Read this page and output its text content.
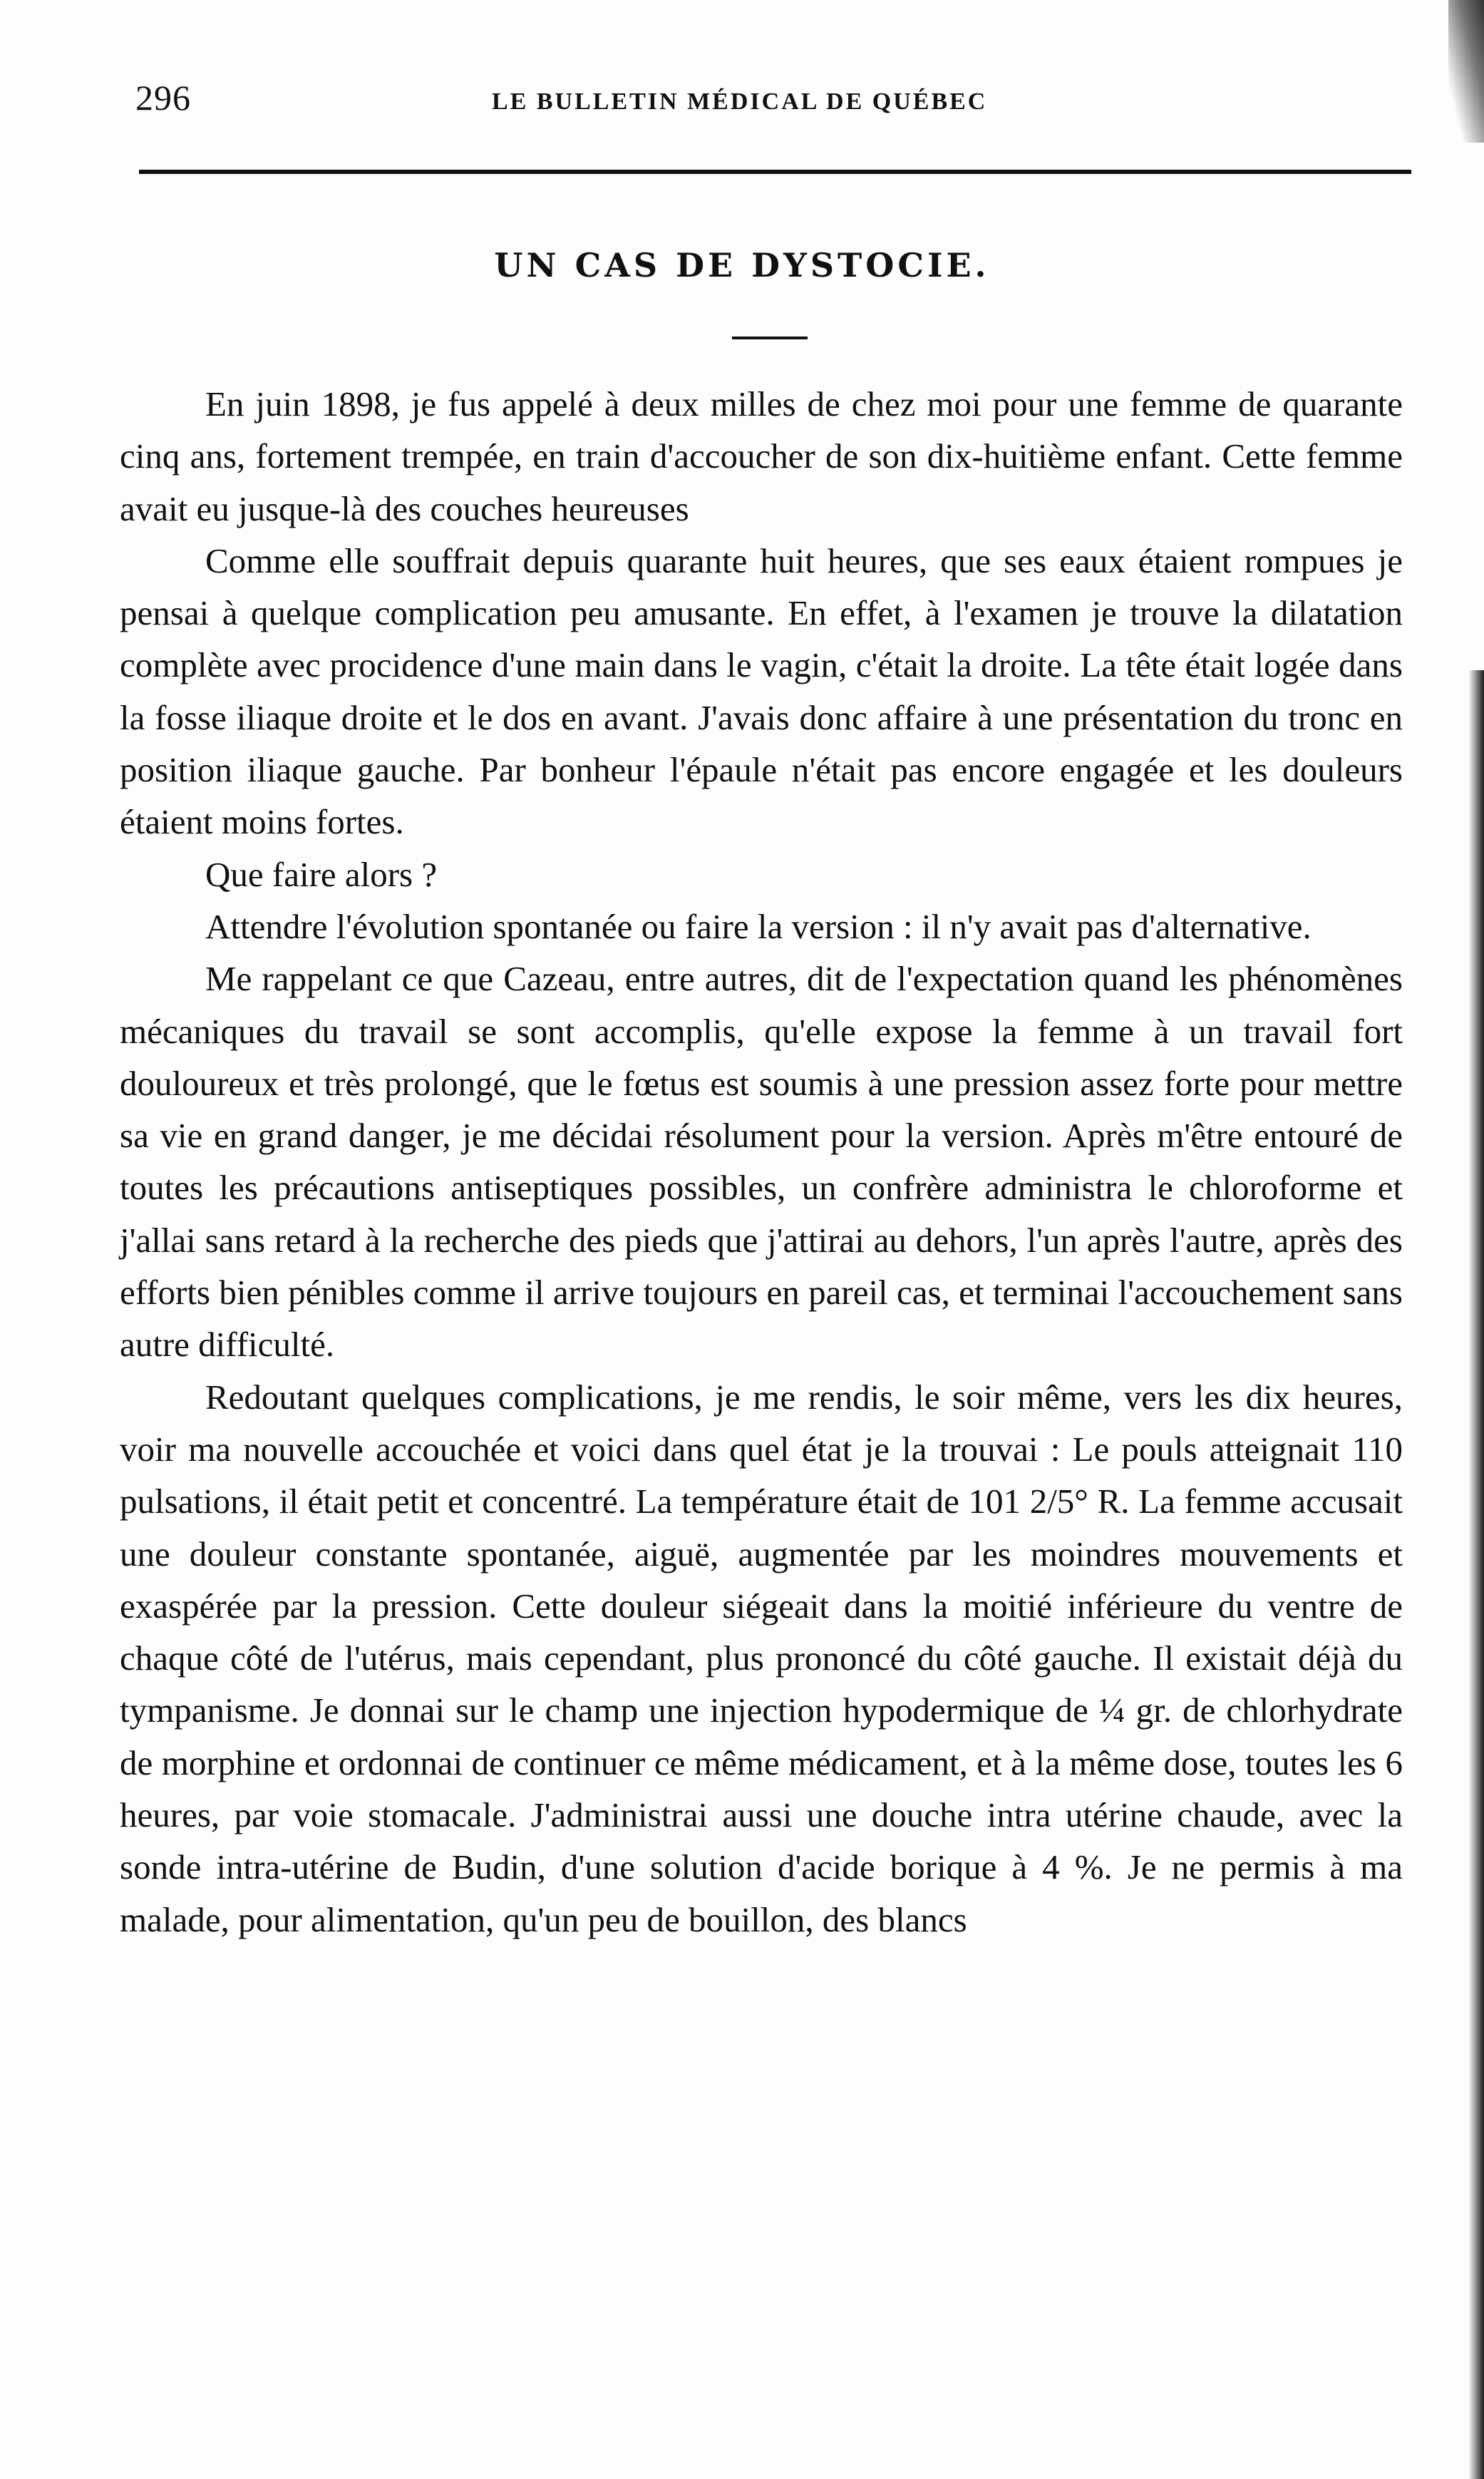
296	LE BULLETIN MÉDICAL DE QUÉBEC
UN CAS DE DYSTOCIE.

En juin 1898, je fus appelé à deux milles de chez moi pour une femme de quarante cinq ans, fortement trempée, en train d'accoucher de son dix-huitième enfant. Cette femme avait eu jusque-là des couches heureuses

Comme elle souffrait depuis quarante huit heures, que ses eaux étaient rompues je pensai à quelque complication peu amusante. En effet, à l'examen je trouve la dilatation complète avec procidence d'une main dans le vagin, c'était la droite. La tête était logée dans la fosse iliaque droite et le dos en avant. J'avais donc affaire à une présentation du tronc en position iliaque gauche. Par bonheur l'épaule n'était pas encore engagée et les douleurs étaient moins fortes.

Que faire alors ?

Attendre l'évolution spontanée ou faire la version : il n'y avait pas d'alternative.

Me rappelant ce que Cazeau, entre autres, dit de l'expectation quand les phénomènes mécaniques du travail se sont accomplis, qu'elle expose la femme à un travail fort douloureux et très prolongé, que le fœtus est soumis à une pression assez forte pour mettre sa vie en grand danger, je me décidai résolument pour la version. Après m'être entouré de toutes les précautions antiseptiques possibles, un confrère administra le chloroforme et j'allai sans retard à la recherche des pieds que j'attirai au dehors, l'un après l'autre, après des efforts bien pénibles comme il arrive toujours en pareil cas, et terminai l'accouchement sans autre difficulté.

Redoutant quelques complications, je me rendis, le soir même, vers les dix heures, voir ma nouvelle accouchée et voici dans quel état je la trouvai : Le pouls atteignait 110 pulsations, il était petit et concentré. La température était de 101 2/5° R. La femme accusait une douleur constante spontanée, aiguë, augmentée par les moindres mouvements et exaspérée par la pression. Cette douleur siégeait dans la moitié inférieure du ventre de chaque côté de l'utérus, mais cependant, plus prononcé du côté gauche. Il existait déjà du tympanisme. Je donnai sur le champ une injection hypodermique de ¼ gr. de chlorhydrate de morphine et ordonnai de continuer ce même médicament, et à la même dose, toutes les 6 heures, par voie stomacale. J'administrai aussi une douche intra utérine chaude, avec la sonde intra-utérine de Budin, d'une solution d'acide borique à 4 %. Je ne permis à ma malade, pour alimentation, qu'un peu de bouillon, des blancs
